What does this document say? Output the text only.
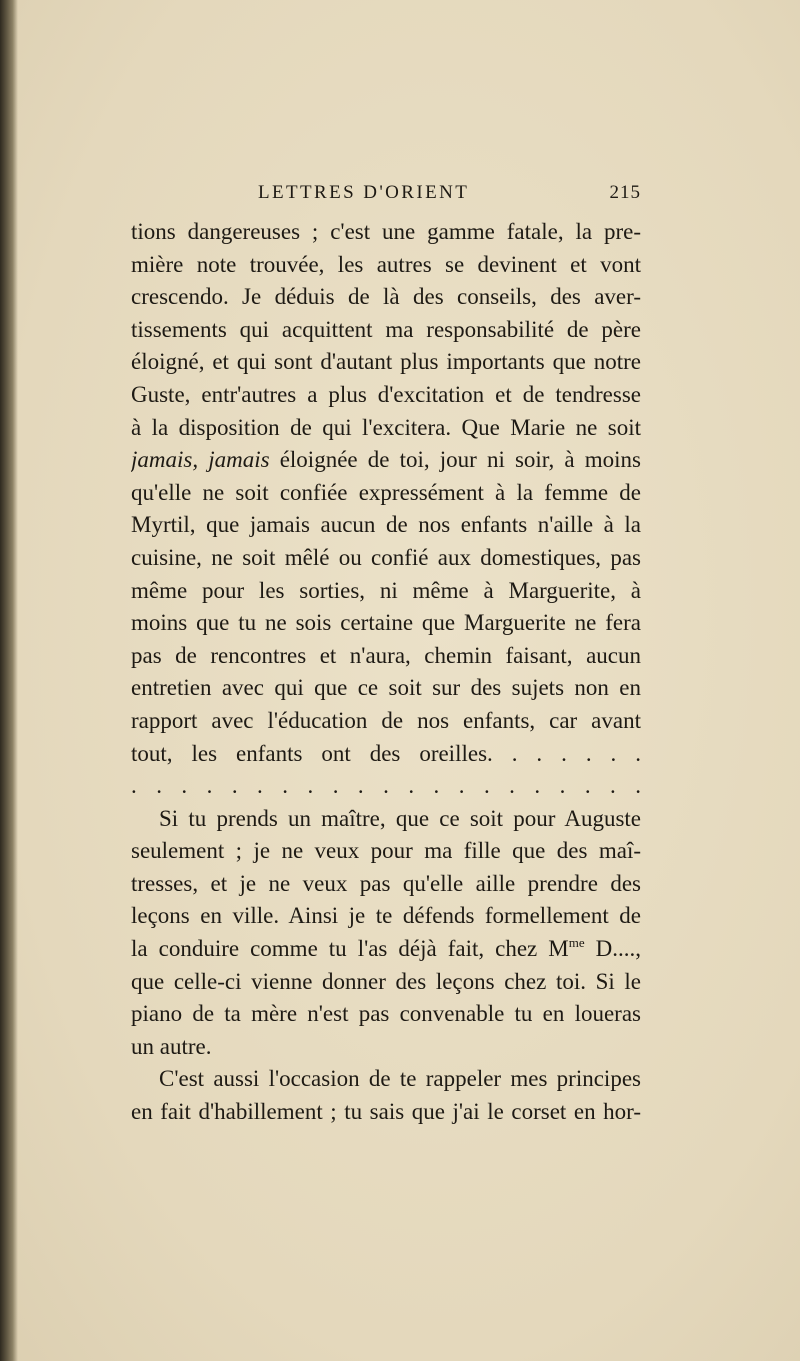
LETTRES D'ORIENT	215
tions dangereuses ; c'est une gamme fatale, la pre-
mière note trouvée, les autres se devinent et vont
crescendo. Je déduis de là des conseils, des aver-
tissements qui acquittent ma responsabilité de père
éloigné, et qui sont d'autant plus importants que notre
Guste, entr'autres a plus d'excitation et de tendresse
à la disposition de qui l'excitera. Que Marie ne soit
jamais, jamais éloignée de toi, jour ni soir, à moins
qu'elle ne soit confiée expressément à la femme de
Myrtil, que jamais aucun de nos enfants n'aille à la
cuisine, ne soit mêlé ou confié aux domestiques, pas
même pour les sorties, ni même à Marguerite, à
moins que tu ne sois certaine que Marguerite ne fera
pas de rencontres et n'aura, chemin faisant, aucun
entretien avec qui que ce soit sur des sujets non en
rapport avec l'éducation de nos enfants, car avant
tout, les enfants ont des oreilles. . . . . . .
. . . . . . . . . . . . . . . . . . . . .
Si tu prends un maître, que ce soit pour Auguste
seulement ; je ne veux pour ma fille que des maî-
tresses, et je ne veux pas qu'elle aille prendre des
leçons en ville. Ainsi je te défends formellement de
la conduire comme tu l'as déjà fait, chez $M^{me}$ D....,
que celle-ci vienne donner des leçons chez toi. Si le
piano de ta mère n'est pas convenable tu en loueras
un autre.
C'est aussi l'occasion de te rappeler mes principes
en fait d'habillement ; tu sais que j'ai le corset en hor-
